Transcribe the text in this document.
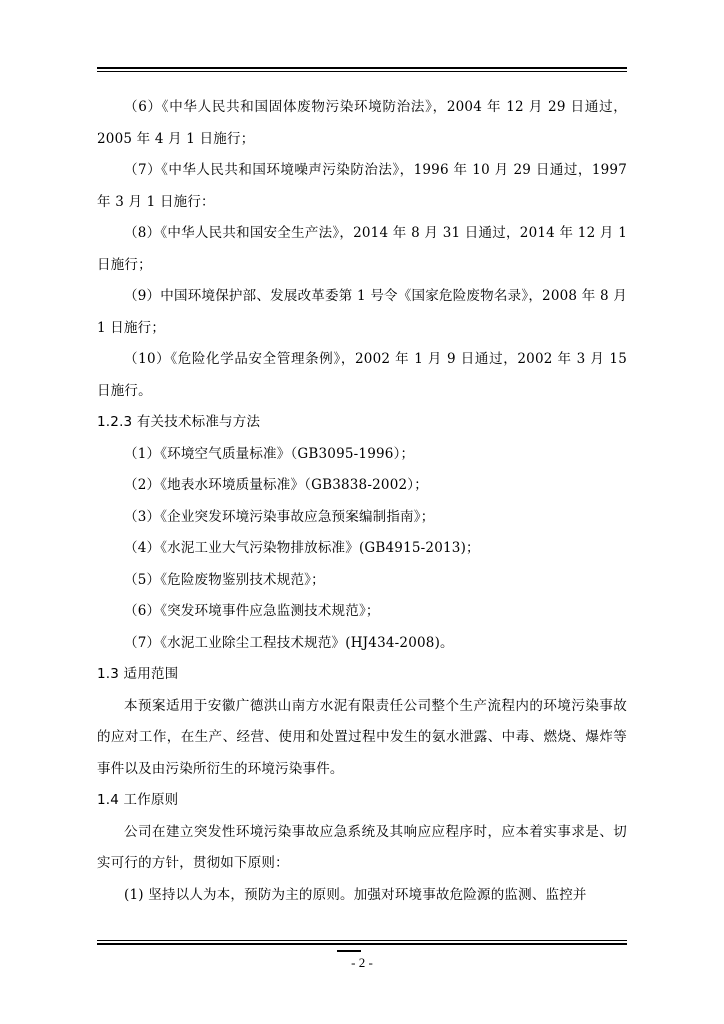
（6）《中华人民共和国固体废物污染环境防治法》，2004 年 12 月 29 日通过，2005 年 4 月 1 日施行；

（7）《中华人民共和国环境噪声污染防治法》，1996 年 10 月 29 日通过，1997 年 3 月 1 日施行：

（8）《中华人民共和国安全生产法》，2014 年 8 月 31 日通过，2014 年 12 月 1 日施行；

（9）中国环境保护部、发展改革委第 1 号令《国家危险废物名录》，2008 年 8 月 1 日施行；

（10）《危险化学品安全管理条例》，2002 年 1 月 9 日通过，2002 年 3 月 15 日施行。

1.2.3 有关技术标准与方法

（1）《环境空气质量标准》（GB3095-1996）；

（2）《地表水环境质量标准》（GB3838-2002）；

（3）《企业突发环境污染事故应急预案编制指南》；

（4）《水泥工业大气污染物排放标准》(GB4915-2013)；

（5）《危险废物鉴别技术规范》；

（6）《突发环境事件应急监测技术规范》；

（7）《水泥工业除尘工程技术规范》(HJ434-2008)。

1.3 适用范围

本预案适用于安徽广德洪山南方水泥有限责任公司整个生产流程内的环境污染事故的应对工作，在生产、经营、使用和处置过程中发生的氨水泄露、中毒、燃烧、爆炸等事件以及由污染所衍生的环境污染事件。

1.4 工作原则

公司在建立突发性环境污染事故应急系统及其响应应程序时，应本着实事求是、切实可行的方针，贯彻如下原则：

(1) 坚持以人为本，预防为主的原则。加强对环境事故危险源的监测、监控并

- 2 -
